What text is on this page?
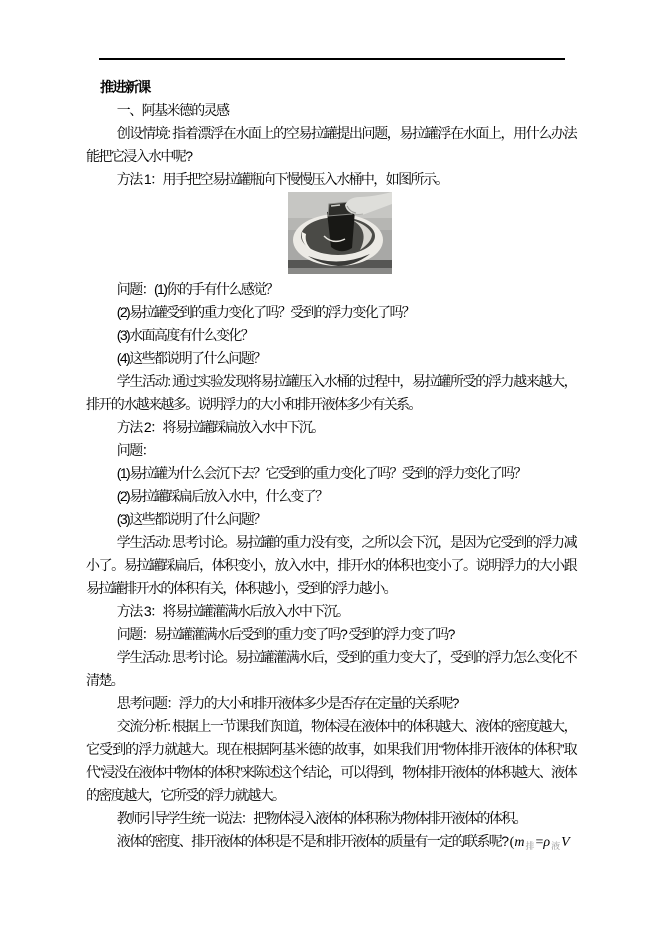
推进新课

一、阿基米德的灵感

创设情境: 指着漂浮在水面上的空易拉罐提出问题，易拉罐浮在水面上，用什么办法能把它浸入水中呢?

方法 1：用手把空易拉罐瓶向下慢慢压入水桶中，如图所示。

问题：(1)你的手有什么感觉？

(2)易拉罐受到的重力变化了吗？受到的浮力变化了吗？

(3)水面高度有什么变化？

(4)这些都说明了什么问题？

学生活动: 通过实验发现将易拉罐压入水桶的过程中，易拉罐所受的浮力越来越大，排开的水越来越多。说明浮力的大小和排开液体多少有关系。

方法 2：将易拉罐踩扁放入水中下沉。

问题：

(1)易拉罐为什么会沉下去？它受到的重力变化了吗？受到的浮力变化了吗？

(2)易拉罐踩扁后放入水中，什么变了？

(3)这些都说明了什么问题？

学生活动: 思考讨论。易拉罐的重力没有变，之所以会下沉，是因为它受到的浮力减小了。易拉罐踩扁后，体积变小，放入水中，排开水的体积也变小了。说明浮力的大小跟易拉罐排开水的体积有关，体积越小，受到的浮力越小。

方法 3：将易拉罐灌满水后放入水中下沉。

问题：易拉罐灌满水后受到的重力变了吗? 受到的浮力变了吗?

学生活动: 思考讨论。易拉罐灌满水后，受到的重力变大了，受到的浮力怎么变化不清楚。

思考问题：浮力的大小和排开液体多少是否存在定量的关系呢?

交流分析: 根据上一节课我们知道，物体浸在液体中的体积越大、液体的密度越大，它受到的浮力就越大。现在根据阿基米德的故事，如果我们用“物体排开液体的体积”取代“浸没在液体中物体的体积”来陈述这个结论，可以得到，物体排开液体的体积越大、液体的密度越大，它所受的浮力就越大。

教师引导学生统一说法：把物体浸入液体的体积称为物体排开液体的体积。

液体的密度、排开液体的体积是不是和排开液体的质量有一定的联系呢? ($m_排=\rho_液V$
